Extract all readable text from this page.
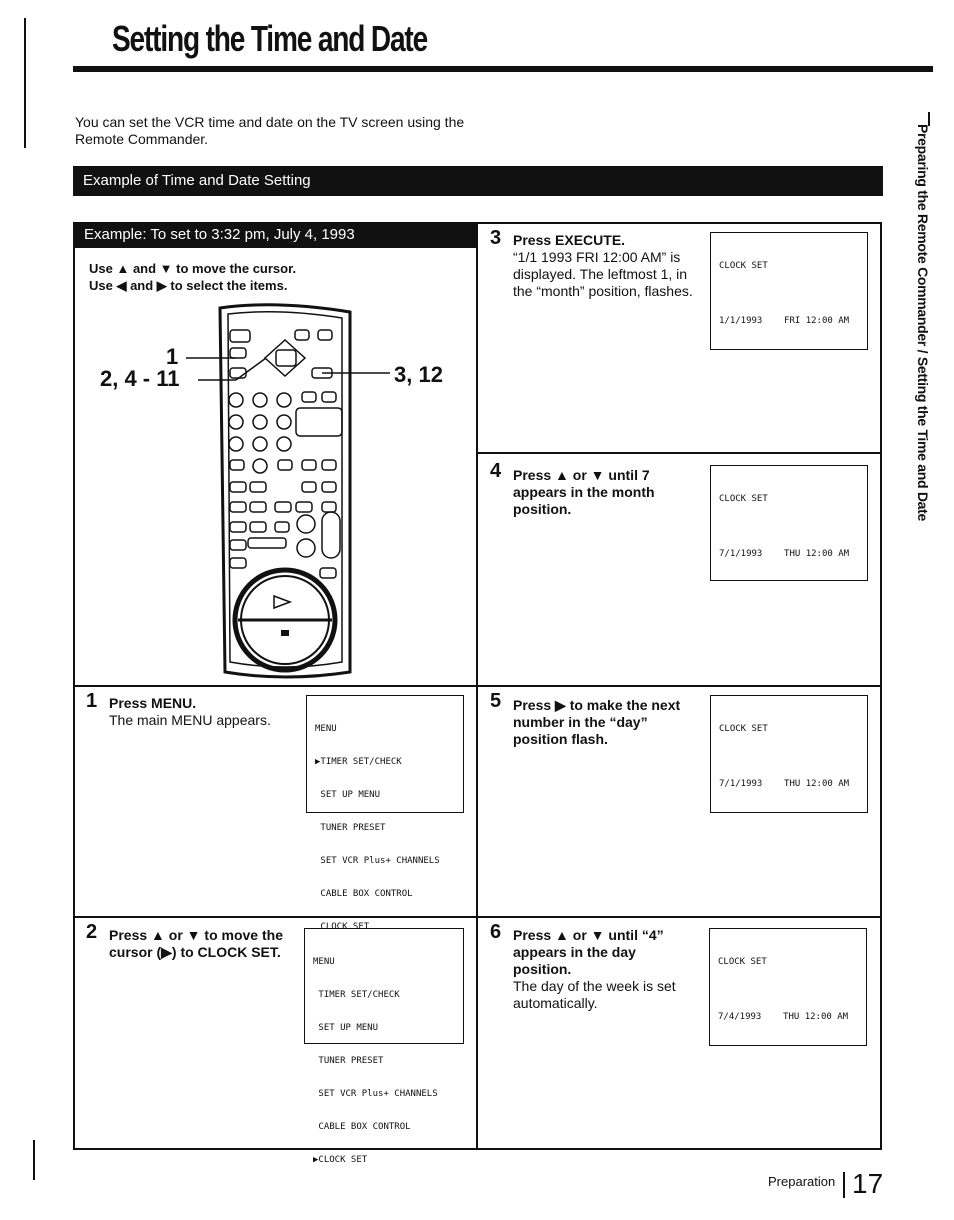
Setting the Time and Date
You can set the VCR time and date on the TV screen using the Remote Commander.
Example of Time and Date Setting	Preparing the Remote Commander / Setting the Time and Date
Example: To set to 3:32 pm, July 4, 1993
Use ▲ and ▼ to move the cursor.
Use ◀ and ▶ to select the items.
1
2, 4 - 11	3, 12
3 Press EXECUTE.
“1/1 1993 FRI 12:00 AM” is displayed. The leftmost 1, in the “month” position, flashes.

CLOCK SET

1/1/1993    FRI 12:00 AM

4 Press ▲ or ▼ until 7 appears in the month position.

CLOCK SET

7/1/1993    THU 12:00 AM

1 Press MENU.
The main MENU appears.

MENU

▶TIMER SET/CHECK

SET UP MENU

TUNER PRESET

SET VCR Plus+ CHANNELS

CABLE BOX CONTROL

CLOCK SET

5 Press ▶ to make the next number in the “day” position flash.

CLOCK SET

7/1/1993    THU 12:00 AM

2 Press ▲ or ▼ to move the cursor (▶) to CLOCK SET.

MENU

TIMER SET/CHECK

SET UP MENU

TUNER PRESET

SET VCR Plus+ CHANNELS

CABLE BOX CONTROL

▶CLOCK SET

6 Press ▲ or ▼ until “4” appears in the day position.
The day of the week is set automatically.

CLOCK SET

7/4/1993    THU 12:00 AM

Preparation 17
